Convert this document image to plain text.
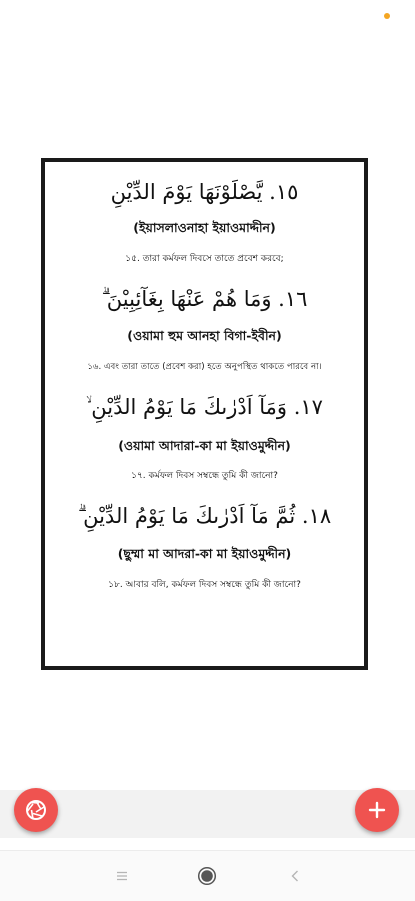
١٥. يَّصْلَوْنَهَا يَوْمَ الدِّيْنِ
(ইয়াসলাওনাহা ইয়াওমাদ্দীন)
১৫. তারা কর্মফল দিবসে তাতে প্রবেশ করবে;
١٦. وَمَا هُمْ عَنْهَا بِغَآئِبِيْنَ ۗ
(ওয়ামা হুম আনহা বিগা-ইবীন)
১৬. এবং তারা তাতে (প্রবেশ করা) হতে অনুপস্থিত থাকতে পারবে না।
١٧. وَمَآ اَدْرٰىكَ مَا يَوْمُ الدِّيْنِ ۙ
(ওয়ামা আদারা-কা মা ইয়াওমুদ্দীন)
১৭. কর্মফল দিবস সম্বন্ধে তুমি কী জানো?
١٨. ثُمَّ مَآ اَدْرٰىكَ مَا يَوْمُ الدِّيْنِ ۗ
(ছুম্মা মা আদরা-কা মা ইয়াওমুদ্দীন)
১৮. আবার বলি, কর্মফল দিবস সম্বন্ধে তুমি কী জানো?
